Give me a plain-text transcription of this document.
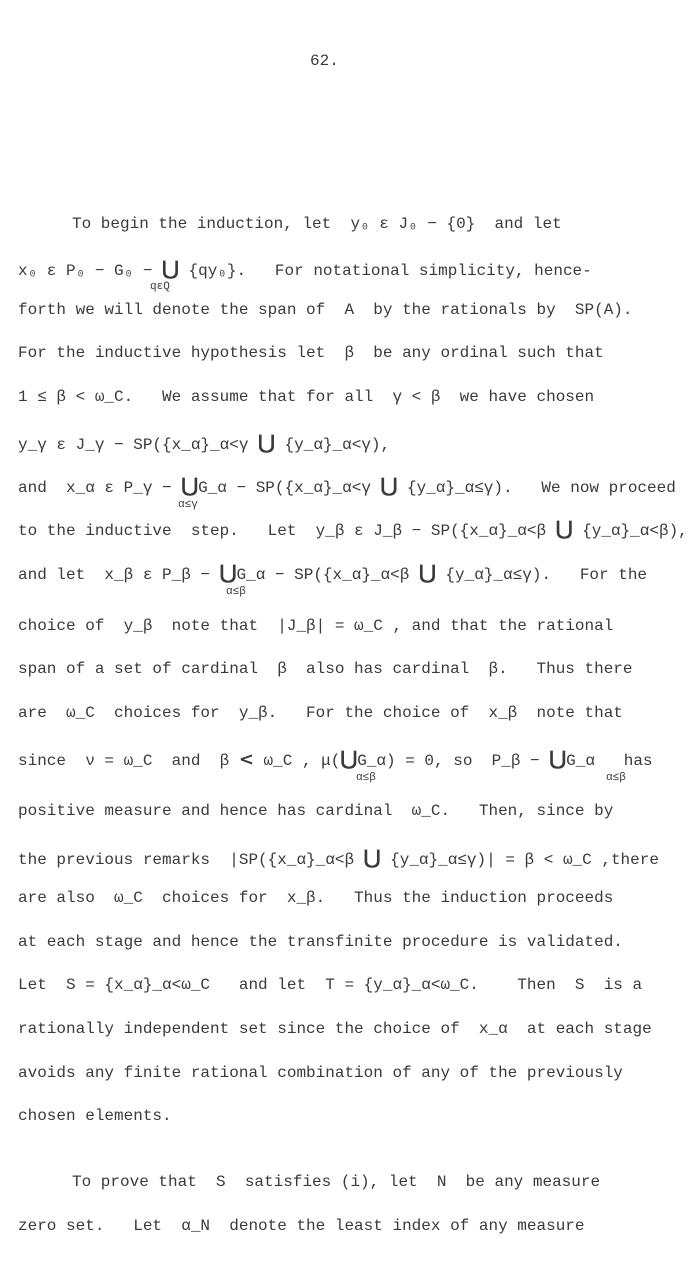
62.
To begin the induction, let  y₀ ε J₀ − {0}  and let
x₀ ε P₀ − G₀ − ⋃ {qy₀}.   For notational simplicity, hence-
qεQ
forth we will denote the span of  A  by the rationals by  SP(A).
For the inductive hypothesis let  β  be any ordinal such that
1 ≤ β < ω_C.   We assume that for all  γ < β  we have chosen
y_γ ε J_γ − SP({x_α}_α<γ ⋃ {y_α}_α<γ),
and  x_α ε P_γ − ⋃G_α − SP({x_α}_α<γ ⋃ {y_α}_α≤γ).   We now proceed
α≤γ
to the inductive  step.   Let  y_β ε J_β − SP({x_α}_α<β ⋃ {y_α}_α<β),
and let  x_β ε P_β − ⋃G_α − SP({x_α}_α<β ⋃ {y_α}_α≤γ).   For the
α≤β
choice of  y_β  note that  |J_β| = ω_C , and that the rational
span of a set of cardinal  β  also has cardinal  β.   Thus there
are  ω_C  choices for  y_β.   For the choice of  x_β  note that
since  ν = ω_C  and  β < ω_C , μ(⋃G_α) = 0, so  P_β − ⋃G_α   has
α≤β	α≤β
positive measure and hence has cardinal  ω_C.   Then, since by
the previous remarks  |SP({x_α}_α<β ⋃ {y_α}_α≤γ)| = β < ω_C ,there
are also  ω_C  choices for  x_β.   Thus the induction proceeds
at each stage and hence the transfinite procedure is validated.
Let  S = {x_α}_α<ω_C   and let  T = {y_α}_α<ω_C.    Then  S  is a
rationally independent set since the choice of  x_α  at each stage
avoids any finite rational combination of any of the previously
chosen elements.
To prove that  S  satisfies (i), let  N  be any measure
zero set.   Let  α_N  denote the least index of any measure
